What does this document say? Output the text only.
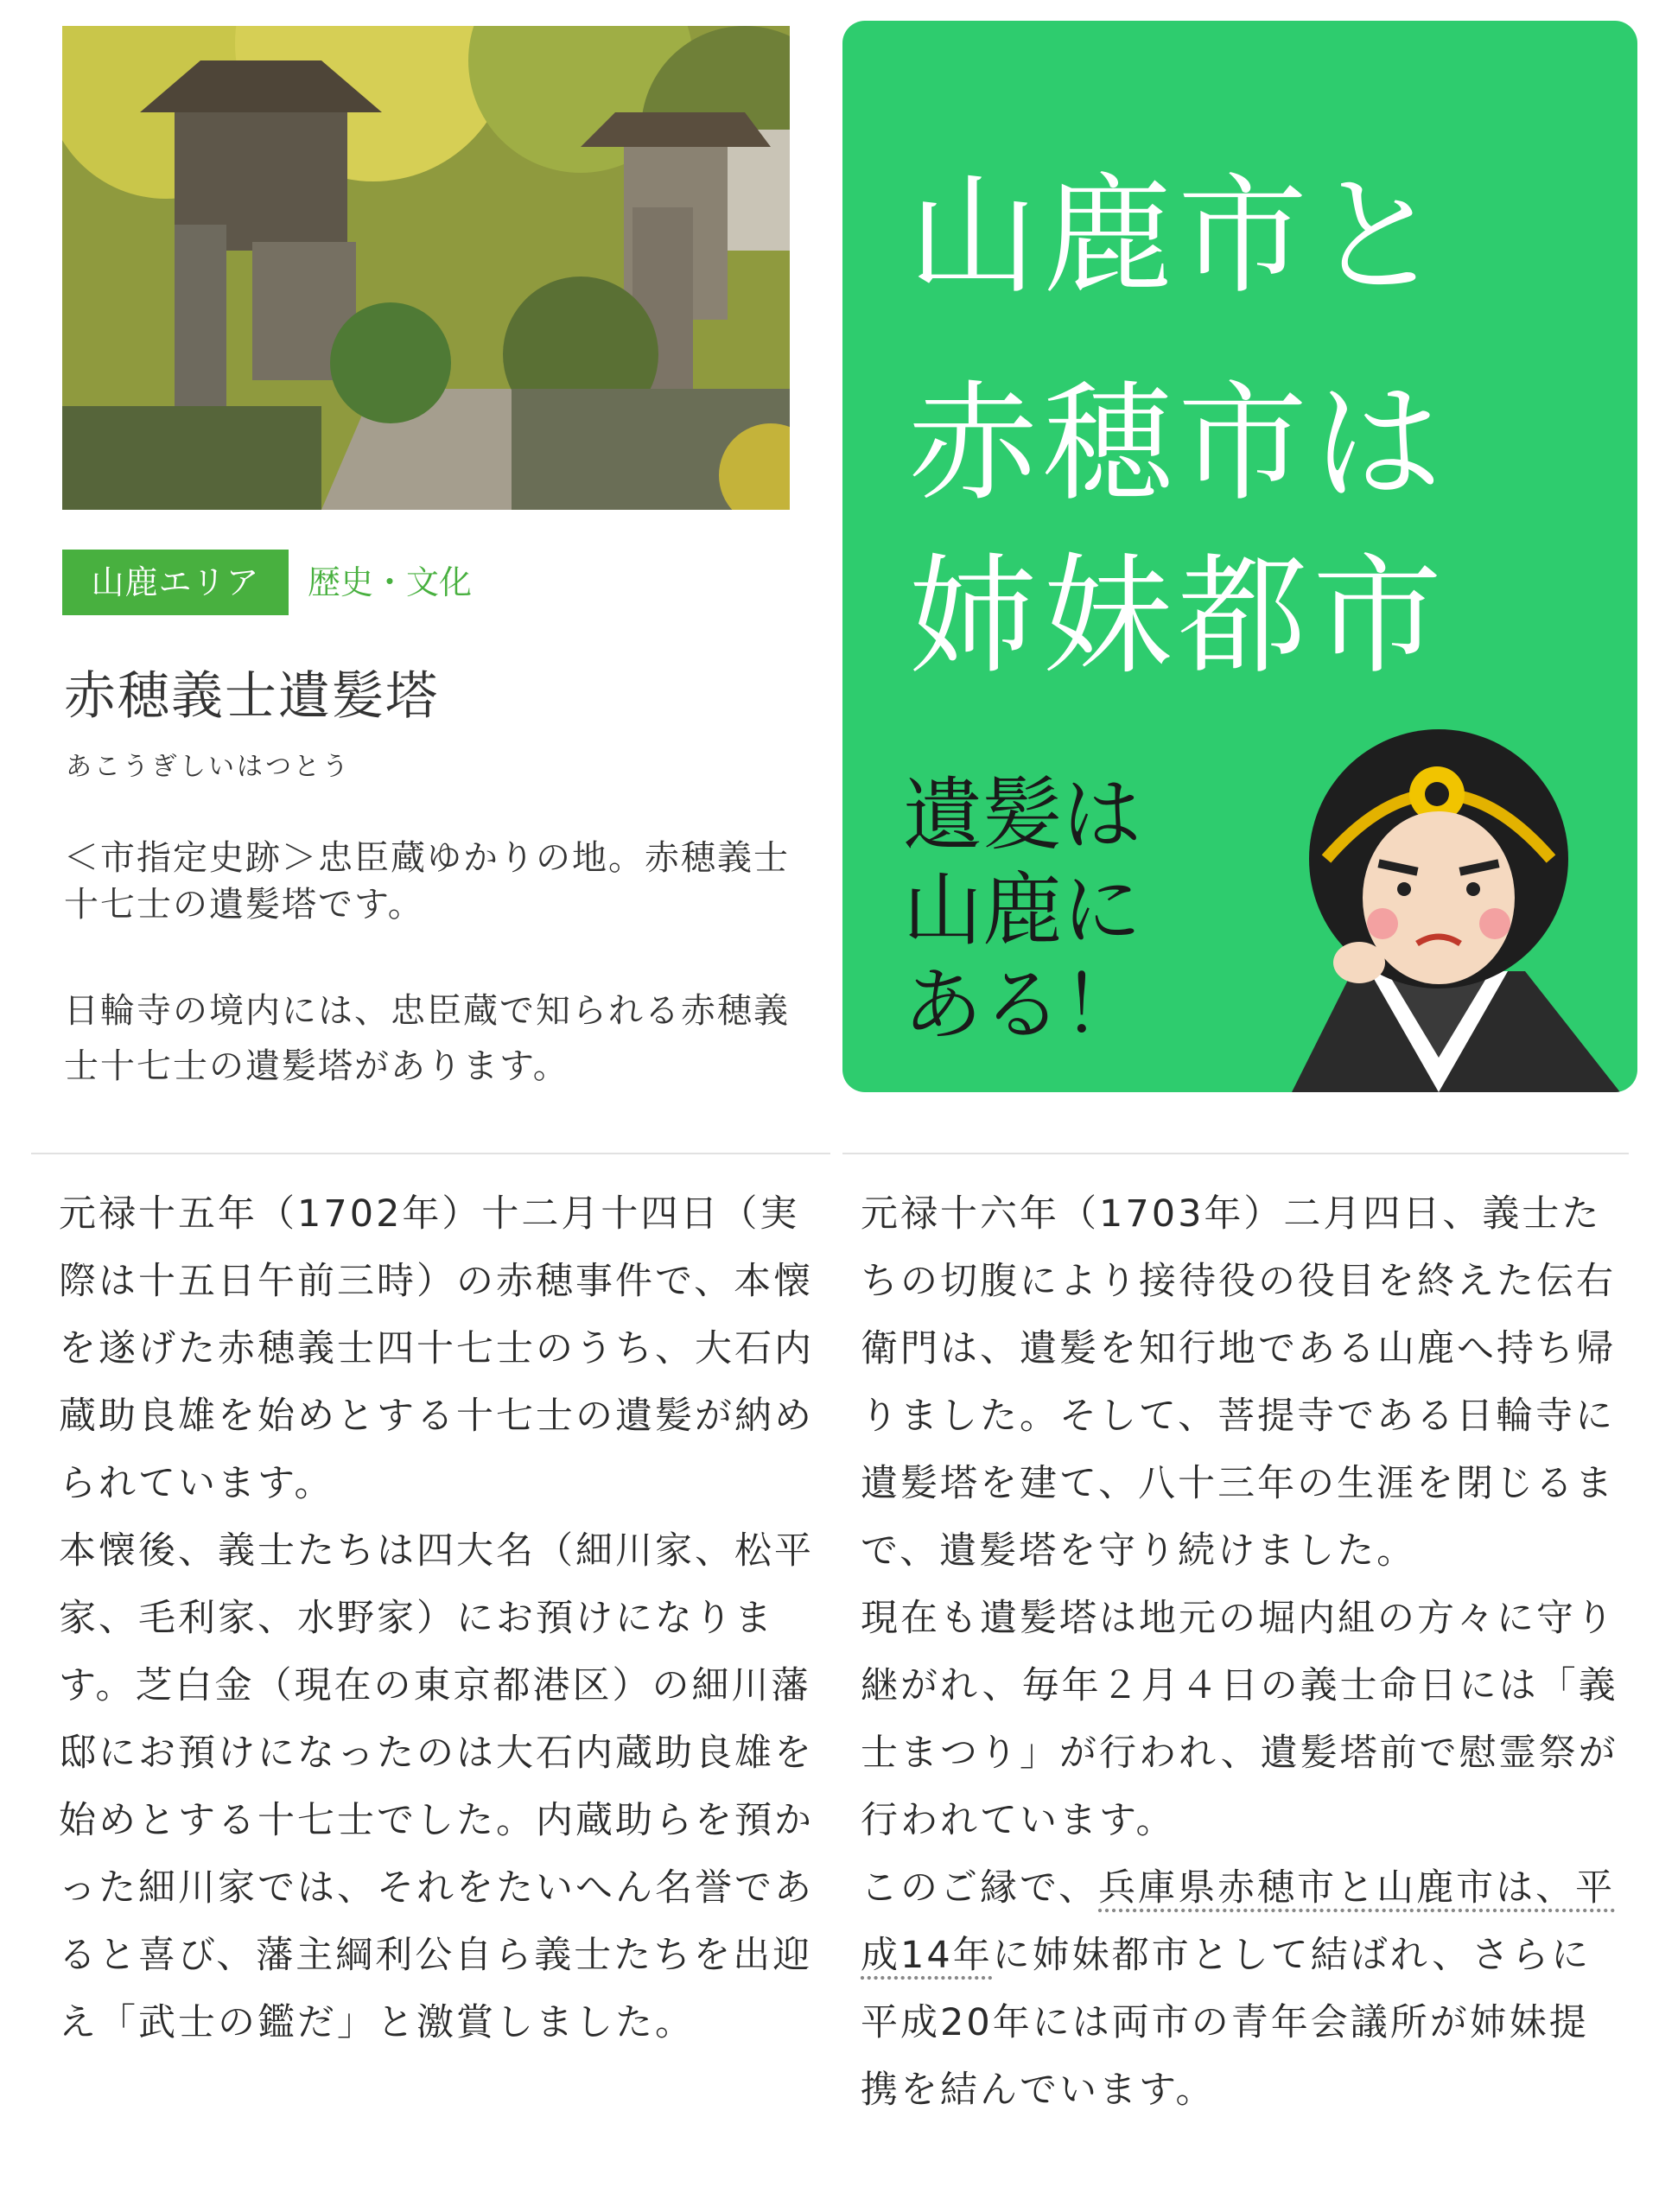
山鹿エリア	歴史・文化
赤穂義士遺髪塔
あこうぎしいはつとう
＜市指定史跡＞忠臣蔵ゆかりの地。赤穂義士十七士の遺髪塔です。
日輪寺の境内には、忠臣蔵で知られる赤穂義士十七士の遺髪塔があります。
山鹿市と
赤穂市は
姉妹都市
遺髪は
山鹿に
ある！

元禄十五年（1702年）十二月十四日（実際は十五日午前三時）の赤穂事件で、本懐を遂げた赤穂義士四十七士のうち、大石内蔵助良雄を始めとする十七士の遺髪が納められています。

本懐後、義士たちは四大名（細川家、松平家、毛利家、水野家）にお預けになります。芝白金（現在の東京都港区）の細川藩邸にお預けになったのは大石内蔵助良雄を始めとする十七士でした。内蔵助らを預かった細川家では、それをたいへん名誉であると喜び、藩主綱利公自ら義士たちを出迎え「武士の鑑だ」と激賞しました。

元禄十六年（1703年）二月四日、義士たちの切腹により接待役の役目を終えた伝右衛門は、遺髪を知行地である山鹿へ持ち帰りました。そして、菩提寺である日輪寺に遺髪塔を建て、八十三年の生涯を閉じるまで、遺髪塔を守り続けました。

現在も遺髪塔は地元の堀内組の方々に守り継がれ、毎年２月４日の義士命日には「義士まつり」が行われ、遺髪塔前で慰霊祭が行われています。

このご縁で、兵庫県赤穂市と山鹿市は、平成14年に姉妹都市として結ばれ、さらに平成20年には両市の青年会議所が姉妹提携を結んでいます。
